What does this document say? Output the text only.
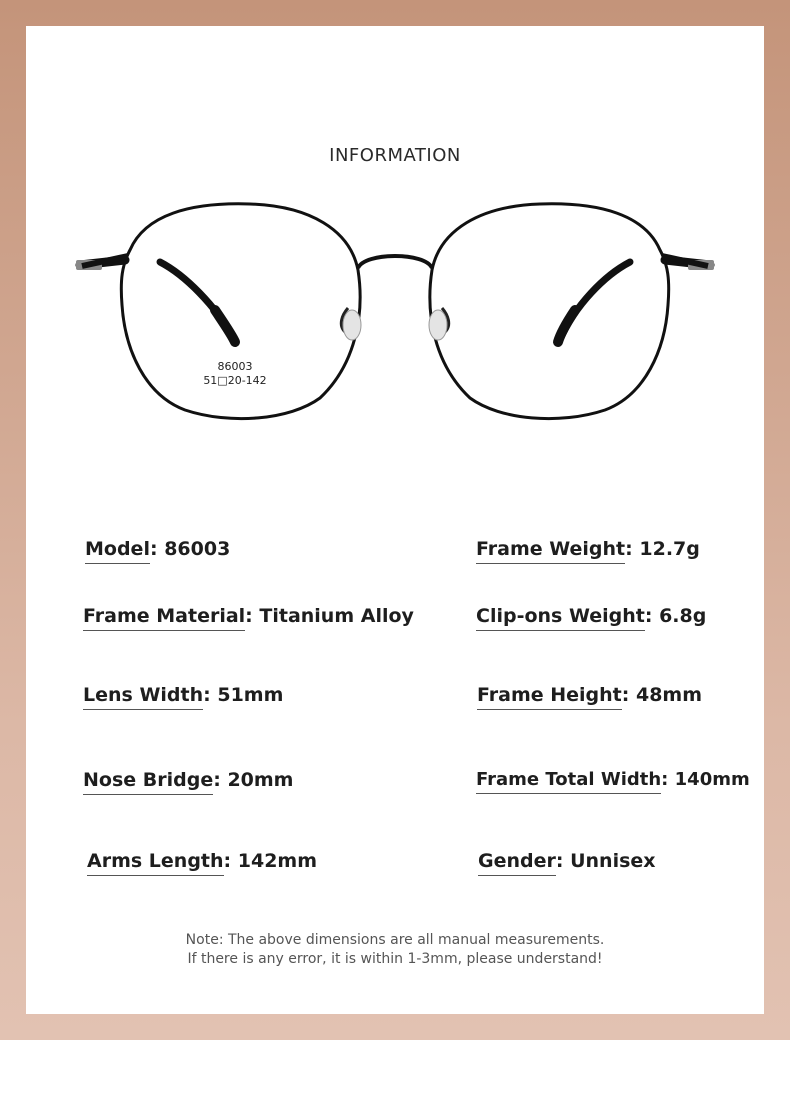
INFORMATION
86003
51□20-142
Model: 86003	Frame Weight: 12.7g
Frame Material: Titanium Alloy	Clip-ons Weight: 6.8g
Lens Width: 51mm	Frame Height: 48mm
Nose Bridge: 20mm	Frame Total Width: 140mm
Arms Length: 142mm	Gender: Unnisex
Note: The above dimensions are all manual measurements.
If there is any error, it is within 1-3mm, please understand!
